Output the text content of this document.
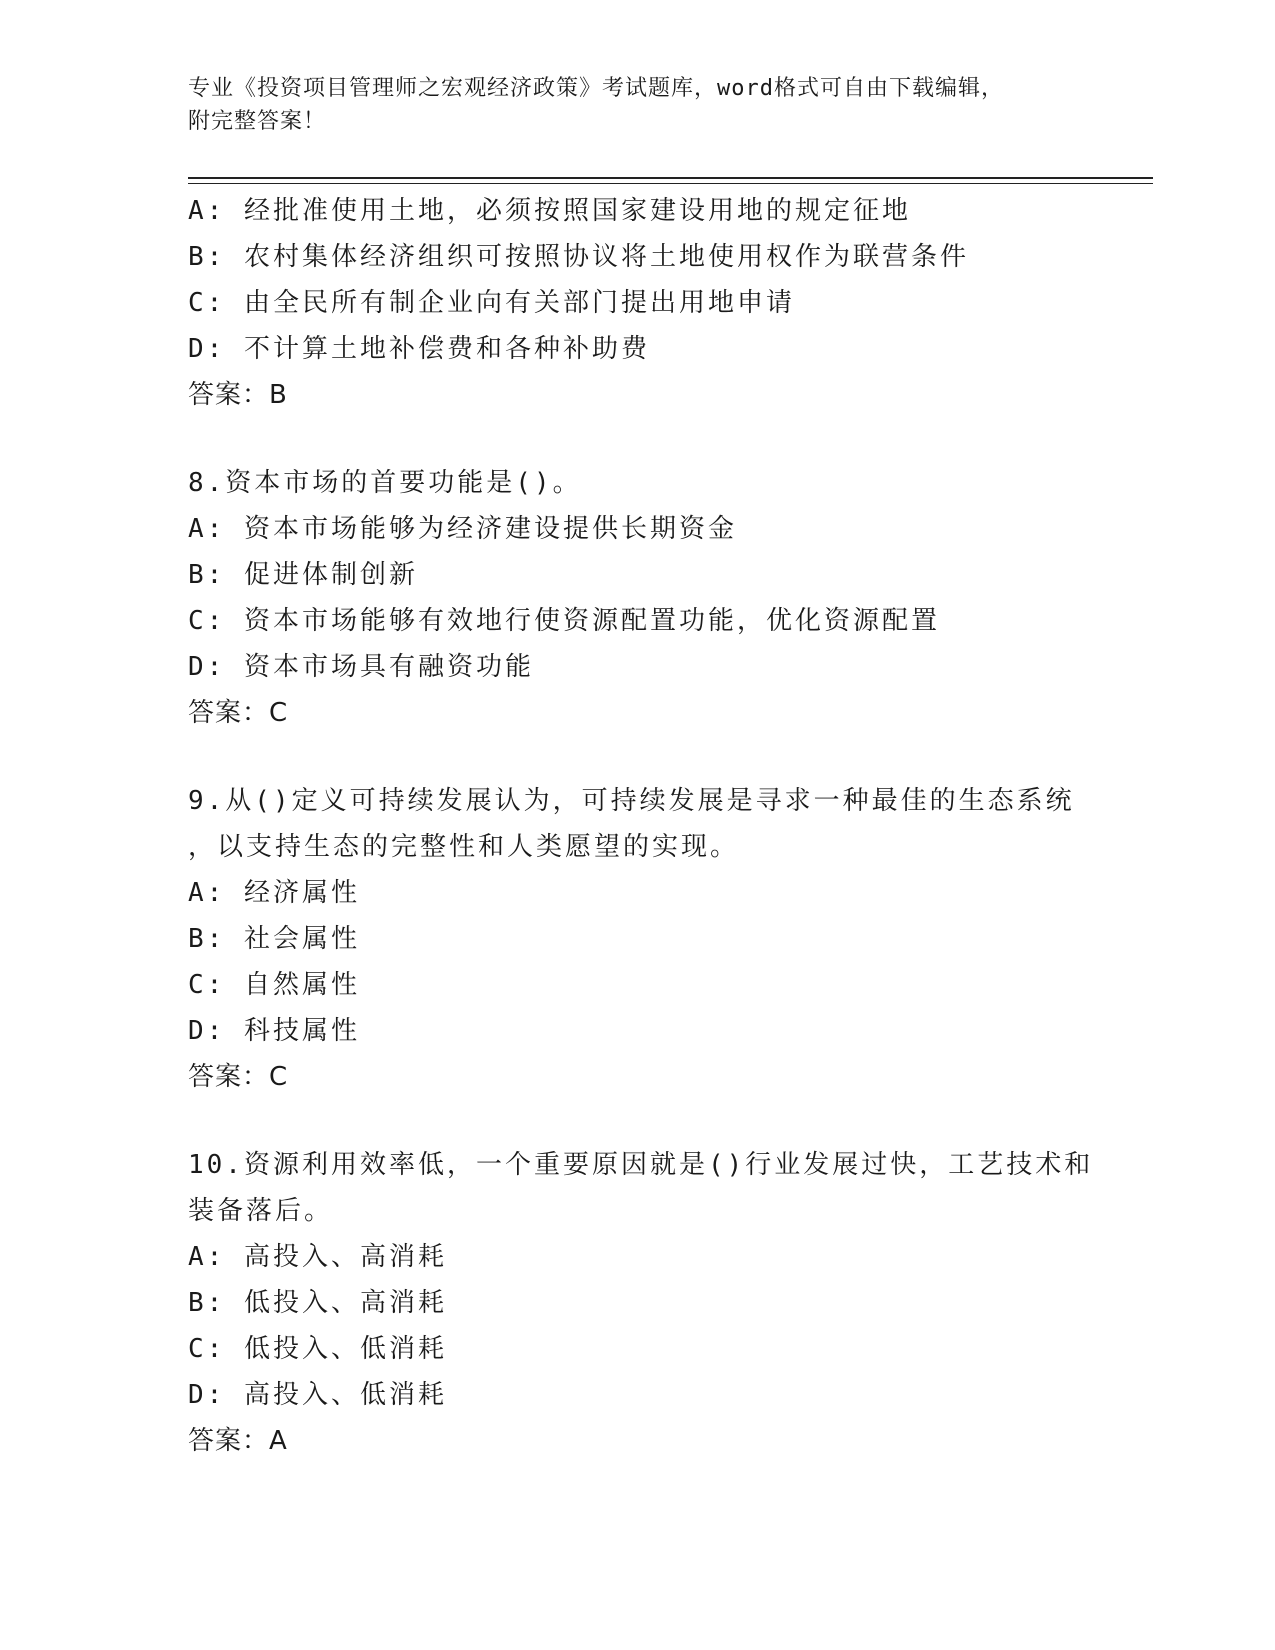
专业《投资项目管理师之宏观经济政策》考试题库，word格式可自由下载编辑，
附完整答案！
A: 经批准使用土地，必须按照国家建设用地的规定征地
B: 农村集体经济组织可按照协议将土地使用权作为联营条件
C: 由全民所有制企业向有关部门提出用地申请
D: 不计算土地补偿费和各种补助费
答案：B
8.资本市场的首要功能是()。
A: 资本市场能够为经济建设提供长期资金
B: 促进体制创新
C: 资本市场能够有效地行使资源配置功能，优化资源配置
D: 资本市场具有融资功能
答案：C
9.从()定义可持续发展认为，可持续发展是寻求一种最佳的生态系统
，以支持生态的完整性和人类愿望的实现。
A: 经济属性
B: 社会属性
C: 自然属性
D: 科技属性
答案：C
10.资源利用效率低，一个重要原因就是()行业发展过快，工艺技术和
装备落后。
A: 高投入、高消耗
B: 低投入、高消耗
C: 低投入、低消耗
D: 高投入、低消耗
答案：A
